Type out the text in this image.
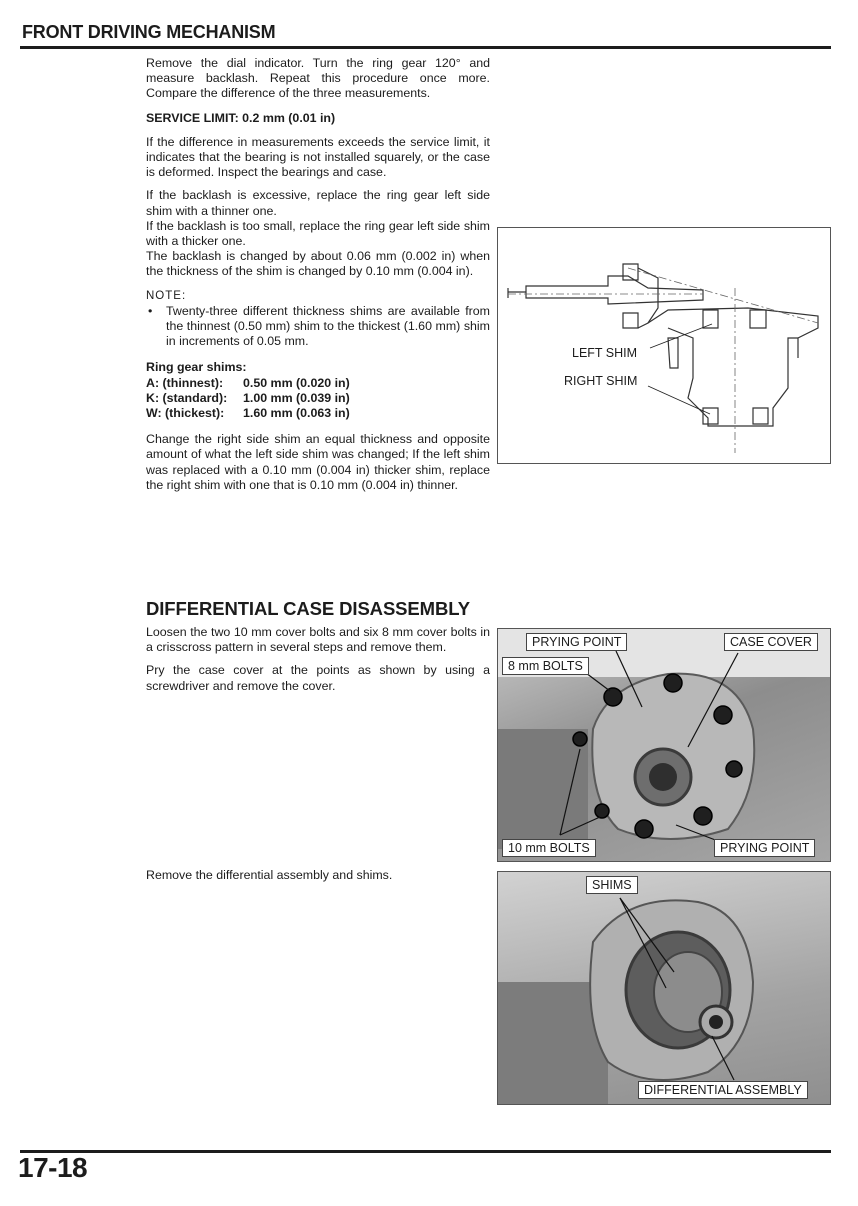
FRONT DRIVING MECHANISM

Remove the dial indicator. Turn the ring gear 120° and measure backlash. Repeat this procedure once more. Compare the difference of the three measurements.

SERVICE LIMIT: 0.2 mm (0.01 in)

If the difference in measurements exceeds the service limit, it indicates that the bearing is not installed squarely, or the case is deformed. Inspect the bearings and case.

If the backlash is excessive, replace the ring gear left side shim with a thinner one.

If the backlash is too small, replace the ring gear left side shim with a thicker one.

The backlash is changed by about 0.06 mm (0.002 in) when the thickness of the shim is changed by 0.10 mm (0.004 in).

NOTE:

•	Twenty-three different thickness shims are available from the thinnest (0.50 mm) shim to the thickest (1.60 mm) shim in increments of 0.05 mm.
Ring gear shims:
A: (thinnest):	0.50 mm (0.020 in)
K: (standard):	1.00 mm (0.039 in)
W: (thickest):	1.60 mm (0.063 in)

Change the right side shim an equal thickness and opposite amount of what the left side shim was changed; If the left shim was replaced with a 0.10 mm (0.004 in) thicker shim, replace the right shim with one that is 0.10 mm (0.004 in) thinner.

DIFFERENTIAL CASE DISASSEMBLY

Loosen the two 10 mm cover bolts and six 8 mm cover bolts in a crisscross pattern in several steps and remove them.

Pry the case cover at the points as shown by using a screwdriver and remove the cover.

Remove the differential assembly and shims.

LEFT SHIM
RIGHT SHIM
PRYING POINT	CASE COVER
8 mm BOLTS
10 mm BOLTS	PRYING POINT
SHIMS
DIFFERENTIAL ASSEMBLY
17-18
